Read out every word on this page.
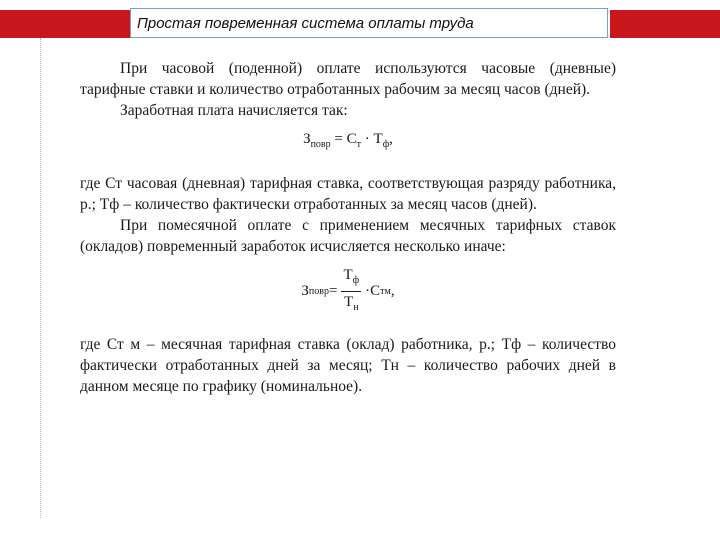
Простая повременная система оплаты труда

При часовой (поденной) оплате используются часовые (дневные) тарифные ставки и количество отработанных рабочим за месяц часов (дней).

Заработная плата начисляется так:

$З_{повр} = С_т \cdot Т_ф$,

где Ст часовая (дневная) тарифная ставка, соответствующая разряду работника, р.; Тф – количество фактически отработанных за месяц часов (дней).

При помесячной оплате с применением месячных тарифных ставок (окладов) повременный заработок исчисляется несколько иначе:

З повр = $\frac{Т_ф}{Т_н} \cdot С$ т м ,

где Ст м – месячная тарифная ставка (оклад) работника, р.; Тф – количество фактически отработанных дней за месяц; Тн – количество рабочих дней в данном месяце по графику (номинальное).
